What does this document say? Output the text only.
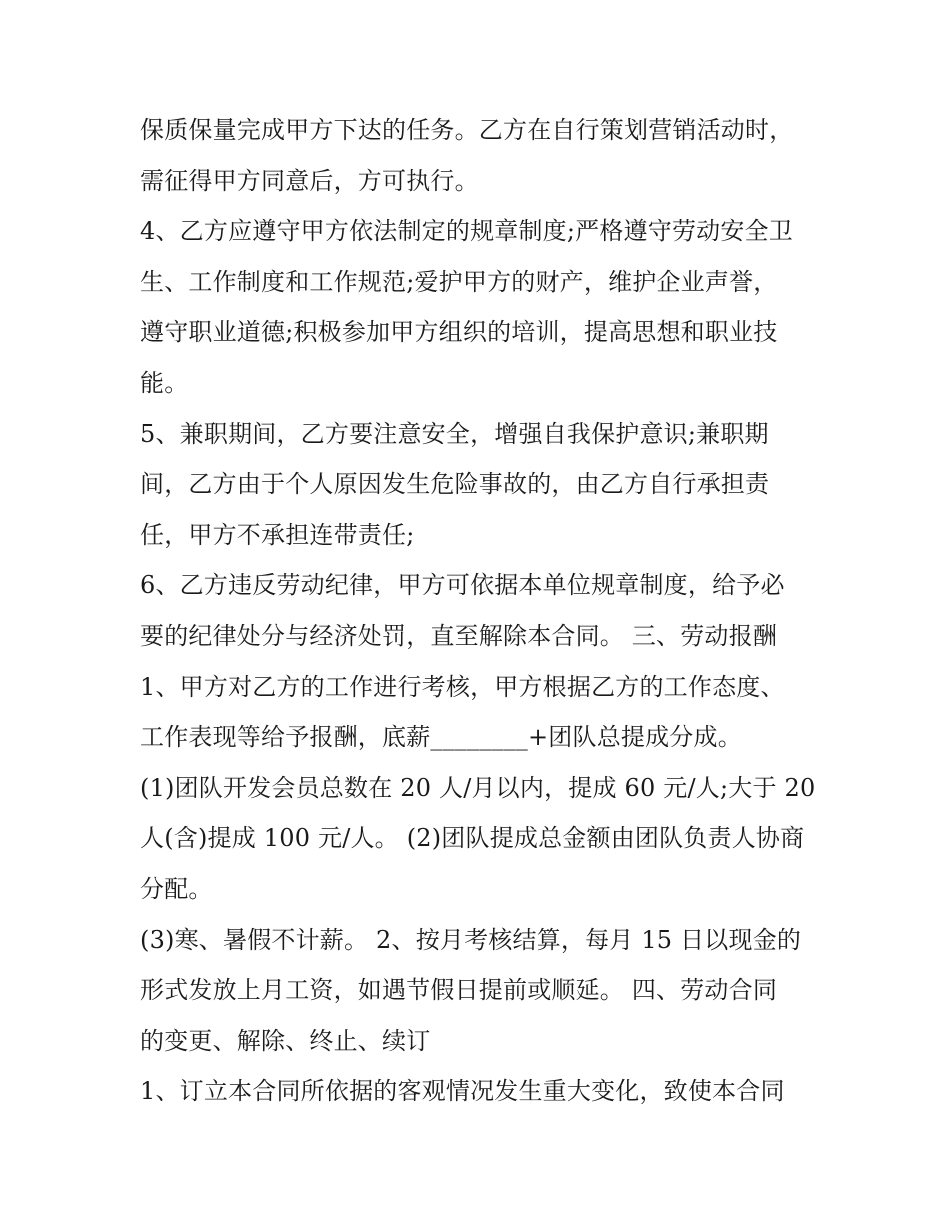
保质保量完成甲方下达的任务。乙方在自行策划营销活动时，
需征得甲方同意后，方可执行。
4、乙方应遵守甲方依法制定的规章制度;严格遵守劳动安全卫
生、工作制度和工作规范;爱护甲方的财产，维护企业声誉，
遵守职业道德;积极参加甲方组织的培训，提高思想和职业技
能。
5、兼职期间，乙方要注意安全，增强自我保护意识;兼职期
间，乙方由于个人原因发生危险事故的，由乙方自行承担责
任，甲方不承担连带责任;
6、乙方违反劳动纪律，甲方可依据本单位规章制度，给予必
要的纪律处分与经济处罚，直至解除本合同。 三、劳动报酬
1、甲方对乙方的工作进行考核，甲方根据乙方的工作态度、
工作表现等给予报酬，底薪________+团队总提成分成。
(1)团队开发会员总数在 20 人/月以内，提成 60 元/人;大于 20
人(含)提成 100 元/人。 (2)团队提成总金额由团队负责人协商
分配。
(3)寒、暑假不计薪。 2、按月考核结算，每月 15 日以现金的
形式发放上月工资，如遇节假日提前或顺延。 四、劳动合同
的变更、解除、终止、续订
1、订立本合同所依据的客观情况发生重大变化，致使本合同
